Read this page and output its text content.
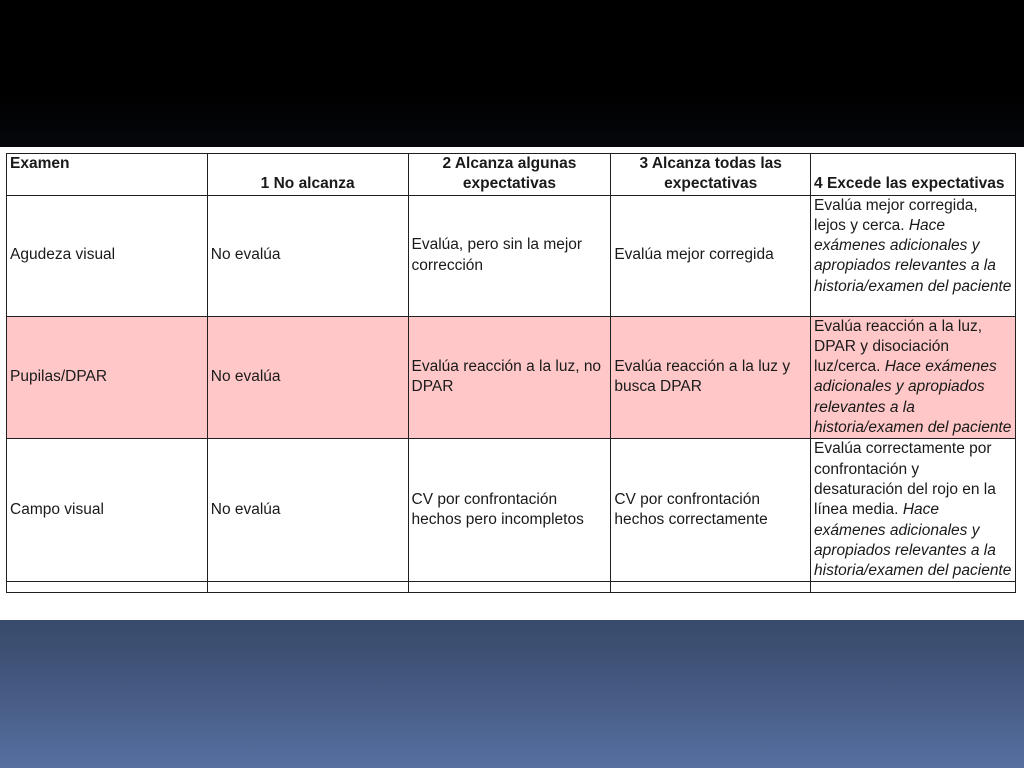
Examen	1 No alcanza	2 Alcanza algunas expectativas	3 Alcanza todas las expectativas	4 Excede las expectativas
Agudeza visual	No evalúa	Evalúa, pero sin la mejor corrección	Evalúa mejor corregida	Evalúa mejor corregida, lejos y cerca. Hace exámenes adicionales y apropiados relevantes a la historia/examen del paciente
Pupilas/DPAR	No evalúa	Evalúa reacción a la luz, no DPAR	Evalúa reacción a la luz y busca DPAR	Evalúa reacción a la luz, DPAR y disociación luz/cerca. Hace exámenes adicionales y apropiados relevantes a la historia/examen del paciente
Campo visual	No evalúa	CV por confrontación hechos pero incompletos	CV por confrontación hechos correctamente	Evalúa correctamente por confrontación y desaturación del rojo en la línea media. Hace exámenes adicionales y apropiados relevantes a la historia/examen del paciente
